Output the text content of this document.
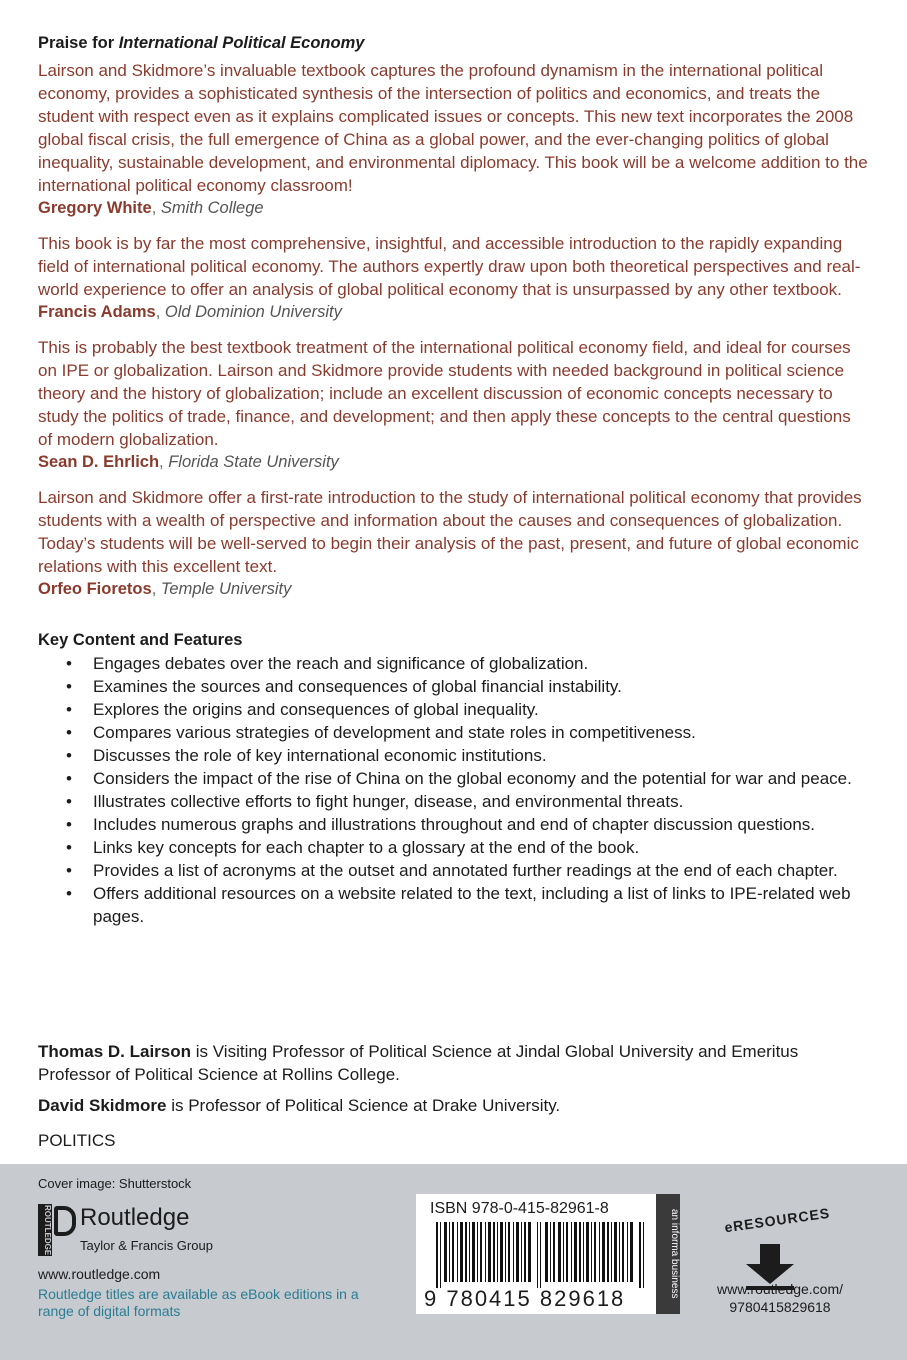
Praise for International Political Economy

Lairson and Skidmore’s invaluable textbook captures the profound dynamism in the international political economy, provides a sophisticated synthesis of the intersection of politics and economics, and treats the student with respect even as it explains complicated issues or concepts. This new text incorporates the 2008 global fiscal crisis, the full emergence of China as a global power, and the ever-changing politics of global inequality, sustainable development, and environmental diplomacy. This book will be a welcome addition to the international political economy classroom!

Gregory White, Smith College

This book is by far the most comprehensive, insightful, and accessible introduction to the rapidly expanding field of international political economy. The authors expertly draw upon both theoretical perspectives and real-world experience to offer an analysis of global political economy that is unsurpassed by any other textbook.

Francis Adams, Old Dominion University

This is probably the best textbook treatment of the international political economy field, and ideal for courses on IPE or globalization. Lairson and Skidmore provide students with needed background in political science theory and the history of globalization; include an excellent discussion of economic concepts necessary to study the politics of trade, finance, and development; and then apply these concepts to the central questions of modern globalization.

Sean D. Ehrlich, Florida State University

Lairson and Skidmore offer a first-rate introduction to the study of international political economy that provides students with a wealth of perspective and information about the causes and consequences of globalization. Today’s students will be well-served to begin their analysis of the past, present, and future of global economic relations with this excellent text.

Orfeo Fioretos, Temple University
Key Content and Features
• Engages debates over the reach and significance of globalization.
• Examines the sources and consequences of global financial instability.
• Explores the origins and consequences of global inequality.
• Compares various strategies of development and state roles in competitiveness.
• Discusses the role of key international economic institutions.
• Considers the impact of the rise of China on the global economy and the potential for war and peace.
• Illustrates collective efforts to fight hunger, disease, and environmental threats.
• Includes numerous graphs and illustrations throughout and end of chapter discussion questions.
• Links key concepts for each chapter to a glossary at the end of the book.
• Provides a list of acronyms at the outset and annotated further readings at the end of each chapter.
• Offers additional resources on a website related to the text, including a list of links to IPE-related web pages.

Thomas D. Lairson is Visiting Professor of Political Science at Jindal Global University and Emeritus Professor of Political Science at Rollins College.

David Skidmore is Professor of Political Science at Drake University.

POLITICS
Cover image: Shutterstock
ROUTLEDGE Routledge
Taylor & Francis Group
www.routledge.com
Routledge titles are available as eBook editions in a range of digital formats
ISBN 978-0-415-82961-8
9 780415 829618	an informa business	eRESOURCES
www.routledge.com/
9780415829618
